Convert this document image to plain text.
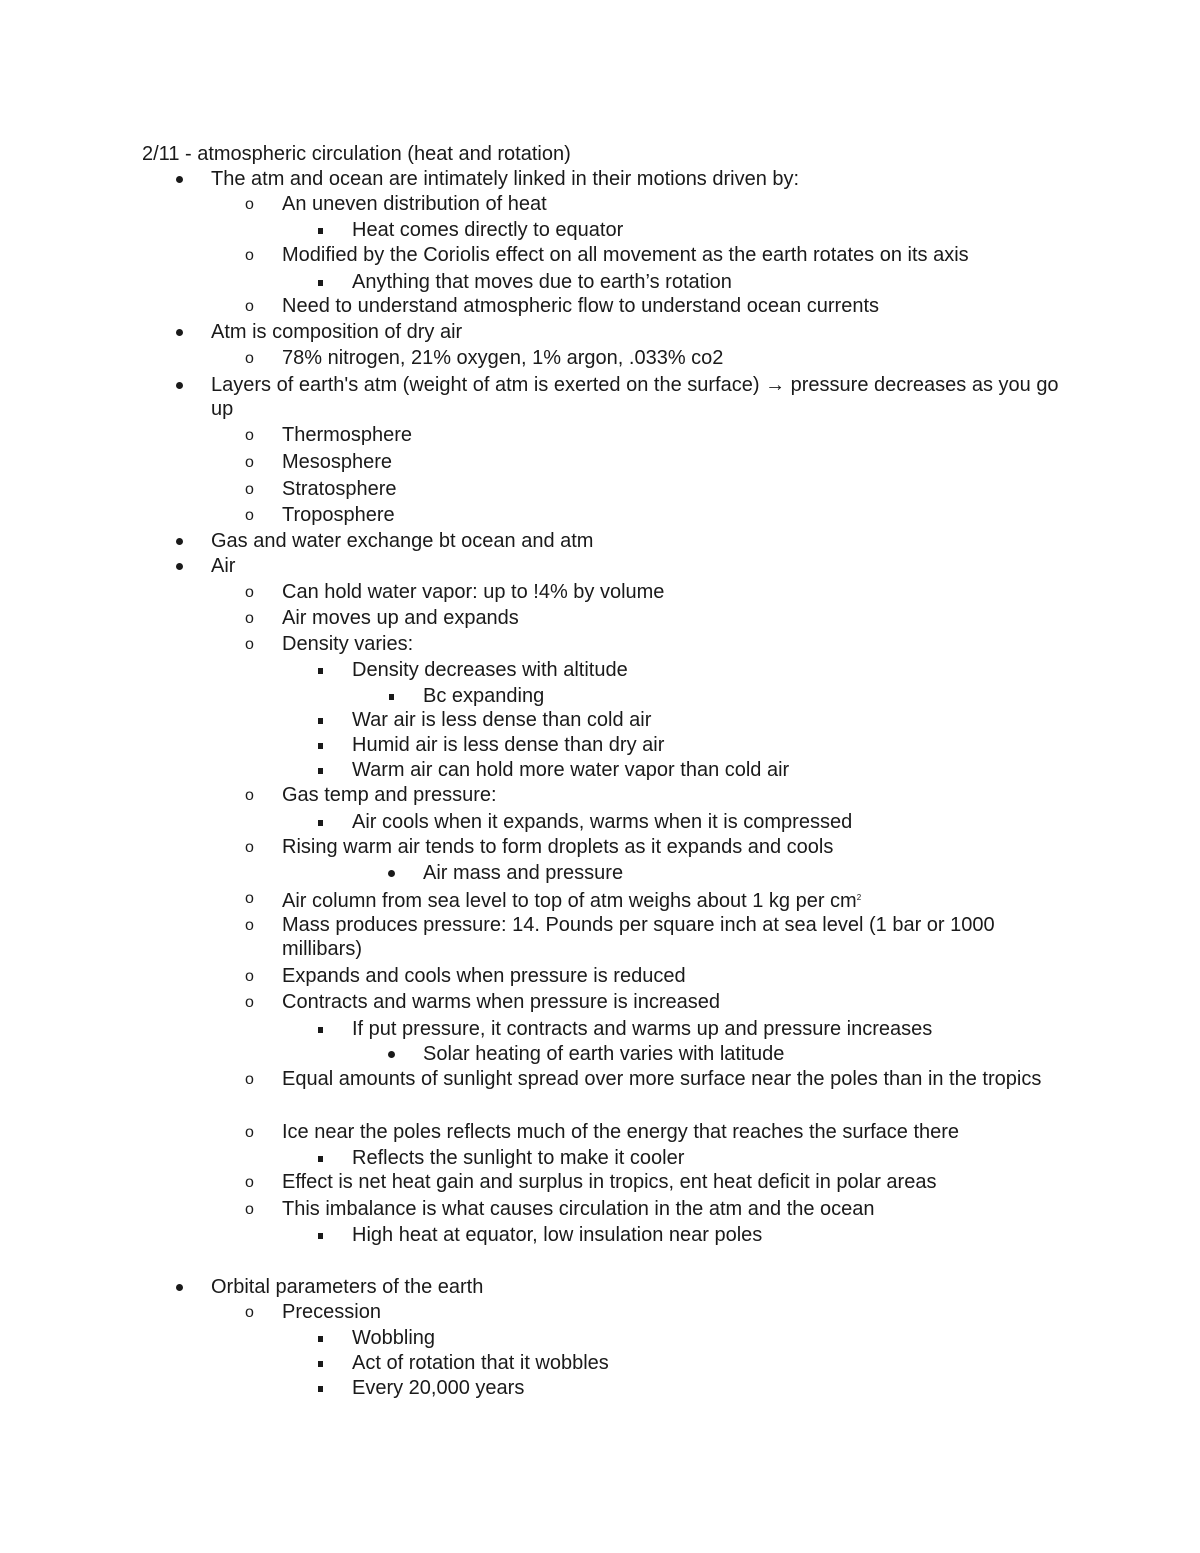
2/11 - atmospheric circulation (heat and rotation)
The atm and ocean are intimately linked in their motions driven by:
o An uneven distribution of heat
Heat comes directly to equator
o Modified by the Coriolis effect on all movement as the earth rotates on its axis
Anything that moves due to earth’s rotation
o Need to understand atmospheric flow to understand ocean currents
Atm is composition of dry air
o 78% nitrogen, 21% oxygen, 1% argon, .033% co2
Layers of earth's atm (weight of atm is exerted on the surface) → pressure decreases as you go up
o Thermosphere
o Mesosphere
o Stratosphere
o Troposphere
Gas and water exchange bt ocean and atm
Air
o Can hold water vapor: up to !4% by volume
o Air moves up and expands
o Density varies:
Density decreases with altitude
Bc expanding
War air is less dense than cold air
Humid air is less dense than dry air
Warm air can hold more water vapor than cold air
o Gas temp and pressure:
Air cools when it expands, warms when it is compressed
o Rising warm air tends to form droplets as it expands and cools
Air mass and pressure
o Air column from sea level to top of atm weighs about 1 kg per $cm^2$
o Mass produces pressure: 14. Pounds per square inch at sea level (1 bar or 1000 millibars)
o Expands and cools when pressure is reduced
o Contracts and warms when pressure is increased
If put pressure, it contracts and warms up and pressure increases
Solar heating of earth varies with latitude
o Equal amounts of sunlight spread over more surface near the poles than in the tropics
o Ice near the poles reflects much of the energy that reaches the surface there
Reflects the sunlight to make it cooler
o Effect is net heat gain and surplus in tropics, ent heat deficit in polar areas
o This imbalance is what causes circulation in the atm and the ocean
High heat at equator, low insulation near poles
Orbital parameters of the earth
o Precession
Wobbling
Act of rotation that it wobbles
Every 20,000 years
